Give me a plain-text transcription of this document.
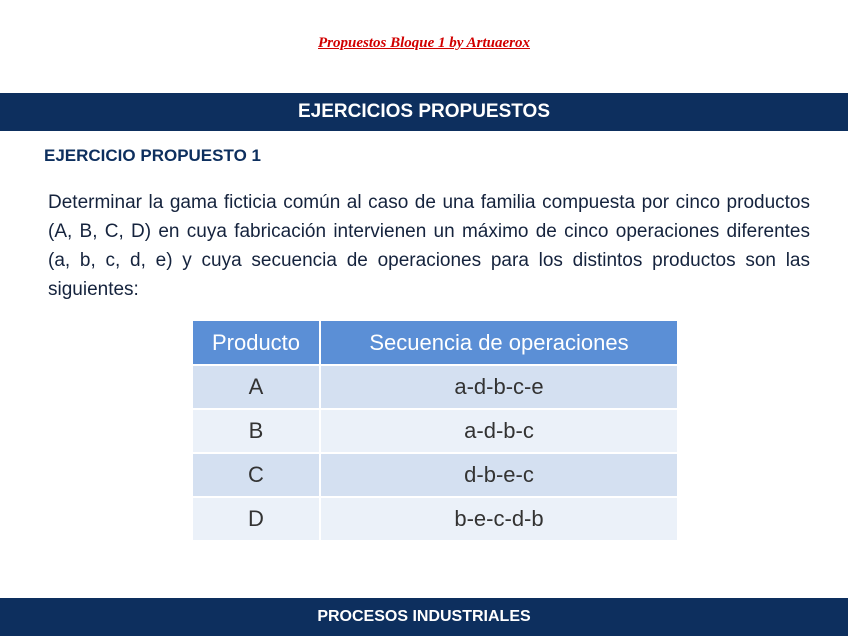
Propuestos Bloque 1 by Artuaerox
EJERCICIOS PROPUESTOS
EJERCICIO PROPUESTO 1
Determinar la gama ficticia común al caso de una familia compuesta por cinco productos (A, B, C, D) en cuya fabricación intervienen un máximo de cinco operaciones diferentes (a, b, c, d, e) y cuya secuencia de operaciones para los distintos productos son las siguientes:
Producto	Secuencia de operaciones
A	a-d-b-c-e
B	a-d-b-c
C	d-b-e-c
D	b-e-c-d-b
PROCESOS INDUSTRIALES
